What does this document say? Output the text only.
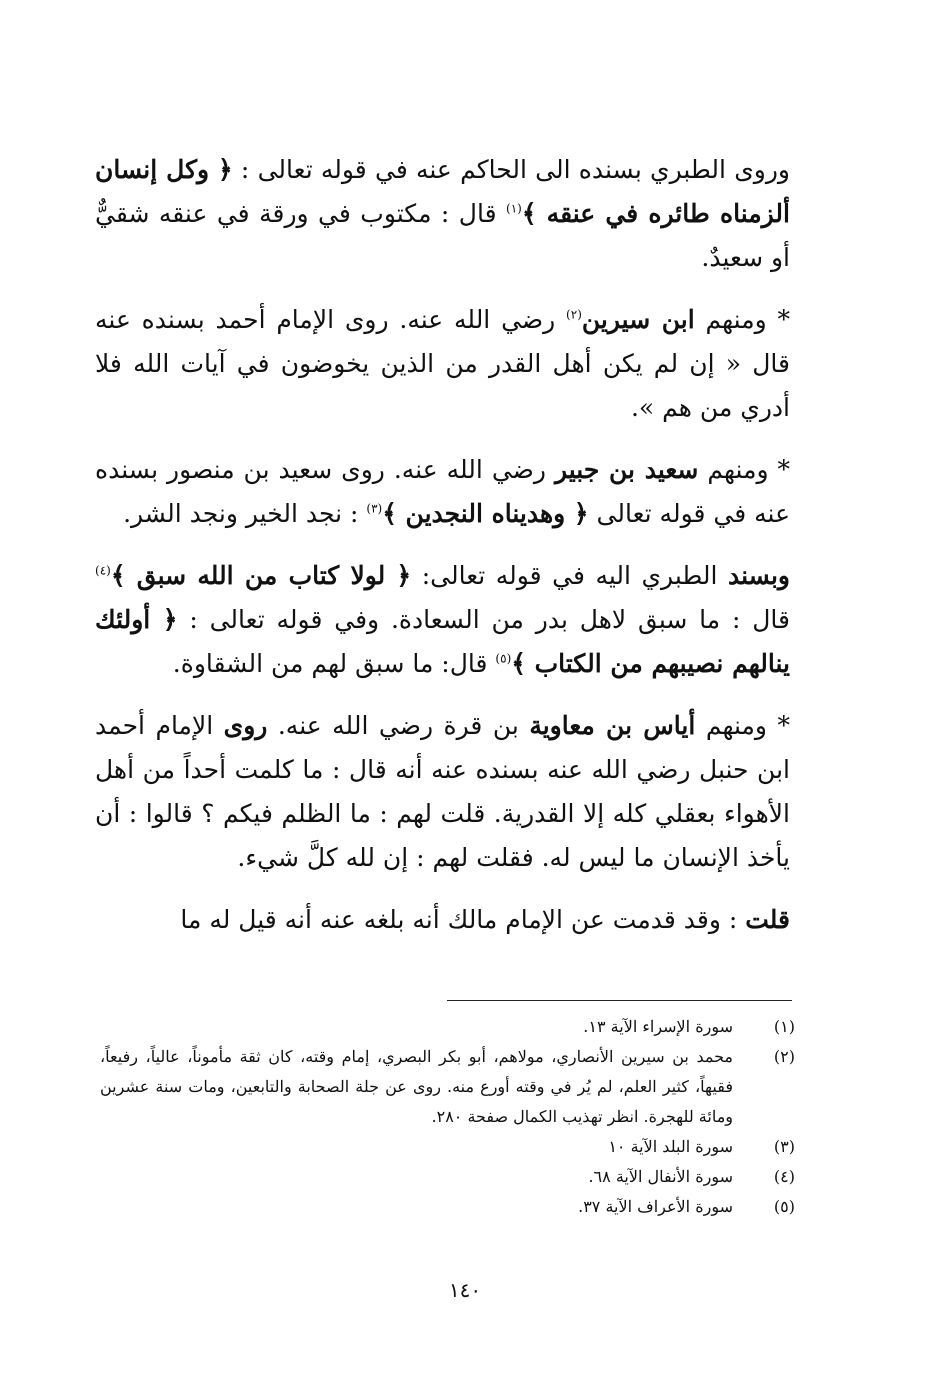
وروى الطبري بسنده الى الحاكم عنه في قوله تعالى : ﴿ وكل إنسان ألزمناه طائره في عنقه ﴾$^{(١)}$ قال : مكتوب في ورقة في عنقه شقيٌّ أو سعيدٌ.

* ومنهم ابن سيرين$^{(٢)}$ رضي الله عنه. روى الإمام أحمد بسنده عنه قال « إن لم يكن أهل القدر من الذين يخوضون في آيات الله فلا أدري من هم ».

* ومنهم سعيد بن جبير رضي الله عنه. روى سعيد بن منصور بسنده عنه في قوله تعالى ﴿ وهديناه النجدين ﴾$^{(٣)}$ : نجد الخير ونجد الشر.

وبسند الطبري اليه في قوله تعالى: ﴿ لولا كتاب من الله سبق ﴾$^{(٤)}$ قال : ما سبق لاهل بدر من السعادة. وفي قوله تعالى : ﴿ أولئك ينالهم نصيبهم من الكتاب ﴾$^{(٥)}$ قال: ما سبق لهم من الشقاوة.

* ومنهم أياس بن معاوية بن قرة رضي الله عنه. روى الإمام أحمد ابن حنبل رضي الله عنه بسنده عنه أنه قال : ما كلمت أحداً من أهل الأهواء بعقلي كله إلا القدرية. قلت لهم : ما الظلم فيكم ؟ قالوا : أن يأخذ الإنسان ما ليس له. فقلت لهم : إن لله كلَّ شيء.

قلت : وقد قدمت عن الإمام مالك أنه بلغه عنه أنه قيل له ما

(١)
سورة الإسراء الآية ١٣.
(٢)
محمد بن سيرين الأنصاري، مولاهم، أبو بكر البصري، إمام وقته، كان ثقة مأموناً، عالياً، رفيعاً، فقيهاً، كثير العلم، لم يُر في وقته أورع منه. روى عن جلة الصحابة والتابعين، ومات سنة عشرين ومائة للهجرة. انظر تهذيب الكمال صفحة ٢٨٠.
(٣)
سورة البلد الآية ١٠
(٤)
سورة الأنفال الآية ٦٨.
(٥)
سورة الأعراف الآية ٣٧.
١٤٠
